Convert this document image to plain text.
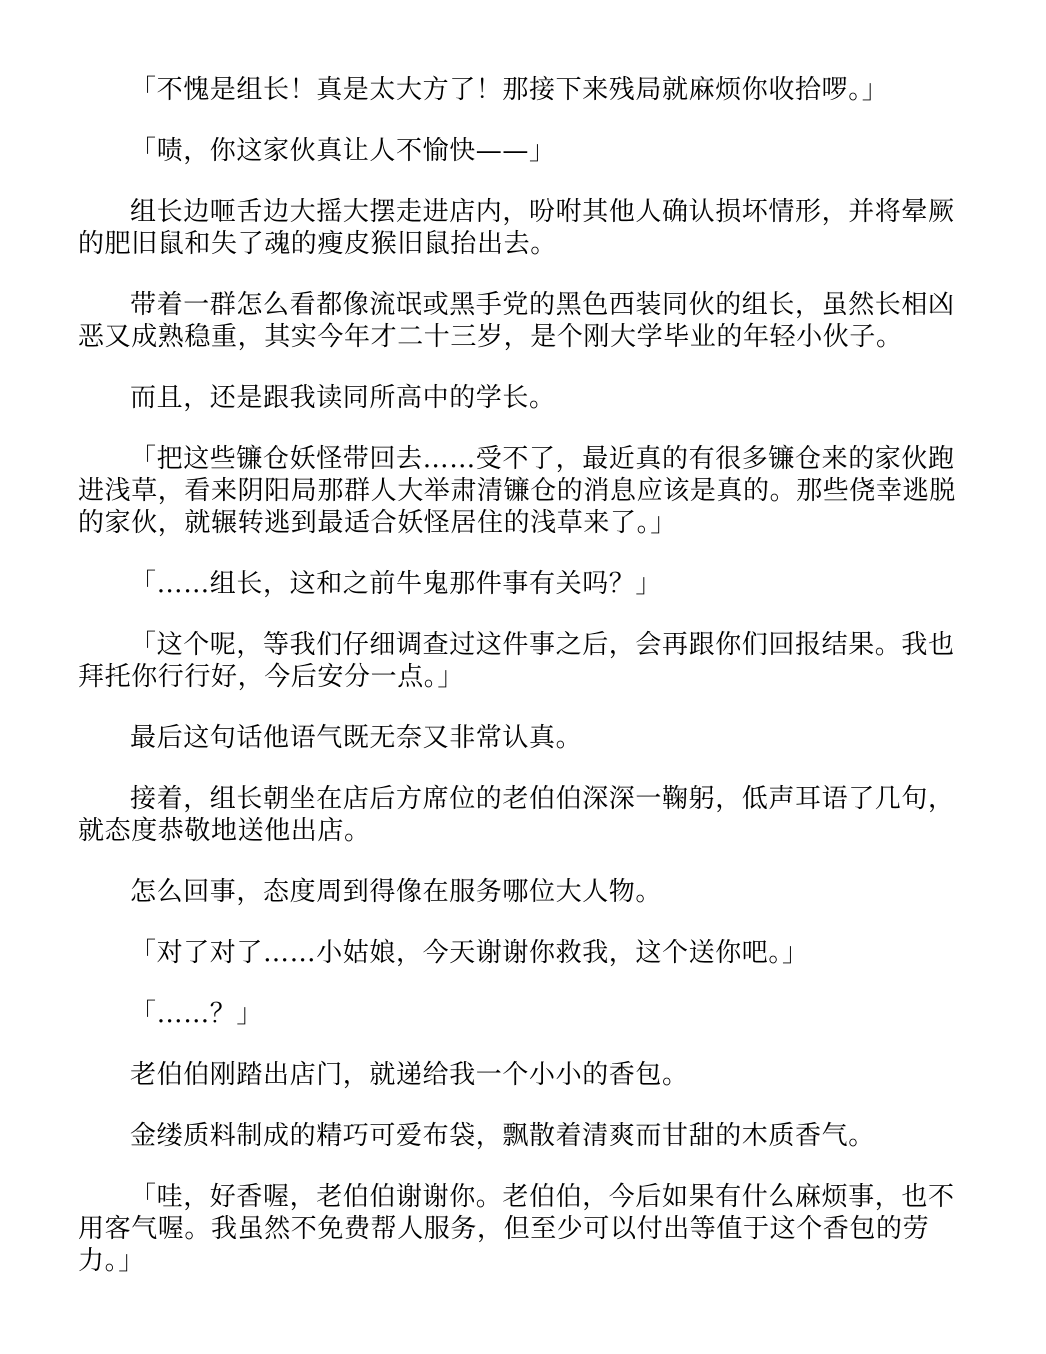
「不愧是组长！真是太大方了！那接下来残局就麻烦你收拾啰。」

「啧，你这家伙真让人不愉快——」

组长边咂舌边大摇大摆走进店内，吩咐其他人确认损坏情形，并将晕厥的肥旧鼠和失了魂的瘦皮猴旧鼠抬出去。

带着一群怎么看都像流氓或黑手党的黑色西装同伙的组长，虽然长相凶恶又成熟稳重，其实今年才二十三岁，是个刚大学毕业的年轻小伙子。

而且，还是跟我读同所高中的学长。

「把这些镰仓妖怪带回去……受不了，最近真的有很多镰仓来的家伙跑进浅草，看来阴阳局那群人大举肃清镰仓的消息应该是真的。那些侥幸逃脱的家伙，就辗转逃到最适合妖怪居住的浅草来了。」

「……组长，这和之前牛鬼那件事有关吗？」

「这个呢，等我们仔细调查过这件事之后，会再跟你们回报结果。我也拜托你行行好，今后安分一点。」

最后这句话他语气既无奈又非常认真。

接着，组长朝坐在店后方席位的老伯伯深深一鞠躬，低声耳语了几句，就态度恭敬地送他出店。

怎么回事，态度周到得像在服务哪位大人物。

「对了对了……小姑娘，今天谢谢你救我，这个送你吧。」

「……？」

老伯伯刚踏出店门，就递给我一个小小的香包。

金缕质料制成的精巧可爱布袋，飘散着清爽而甘甜的木质香气。

「哇，好香喔，老伯伯谢谢你。老伯伯，今后如果有什么麻烦事，也不用客气喔。我虽然不免费帮人服务，但至少可以付出等值于这个香包的劳力。」
